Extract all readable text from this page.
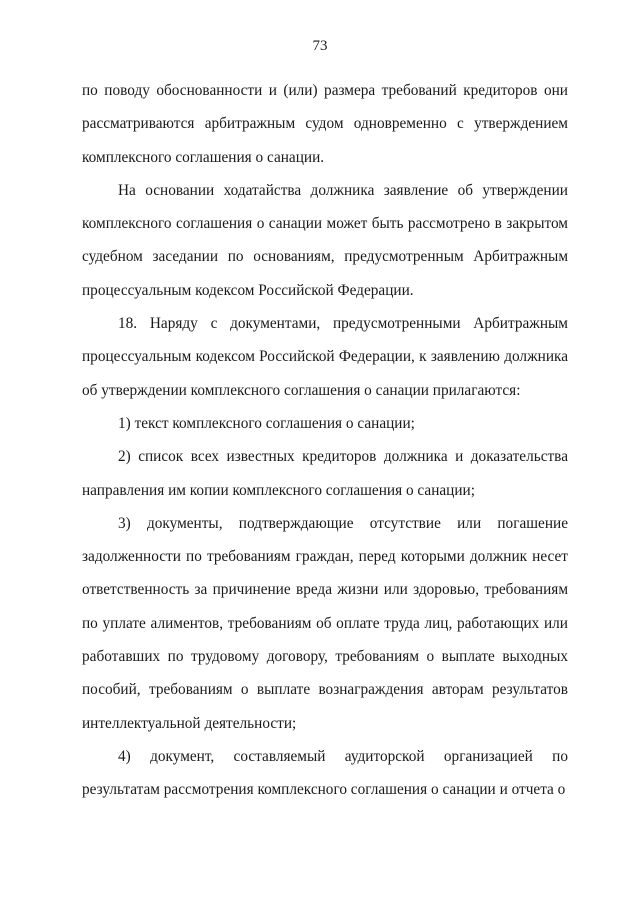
73

по поводу обоснованности и (или) размера требований кредиторов они рассматриваются арбитражным судом одновременно с утверждением комплексного соглашения о санации.

На основании ходатайства должника заявление об утверждении комплексного соглашения о санации может быть рассмотрено в закрытом судебном заседании по основаниям, предусмотренным Арбитражным процессуальным кодексом Российской Федерации.

18. Наряду с документами, предусмотренными Арбитражным процессуальным кодексом Российской Федерации, к заявлению должника об утверждении комплексного соглашения о санации прилагаются:

1) текст комплексного соглашения о санации;

2) список всех известных кредиторов должника и доказательства направления им копии комплексного соглашения о санации;

3) документы, подтверждающие отсутствие или погашение задолженности по требованиям граждан, перед которыми должник несет ответственность за причинение вреда жизни или здоровью, требованиям по уплате алиментов, требованиям об оплате труда лиц, работающих или работавших по трудовому договору, требованиям о выплате выходных пособий, требованиям о выплате вознаграждения авторам результатов интеллектуальной деятельности;

4) документ, составляемый аудиторской организацией по результатам рассмотрения комплексного соглашения о санации и отчета о
